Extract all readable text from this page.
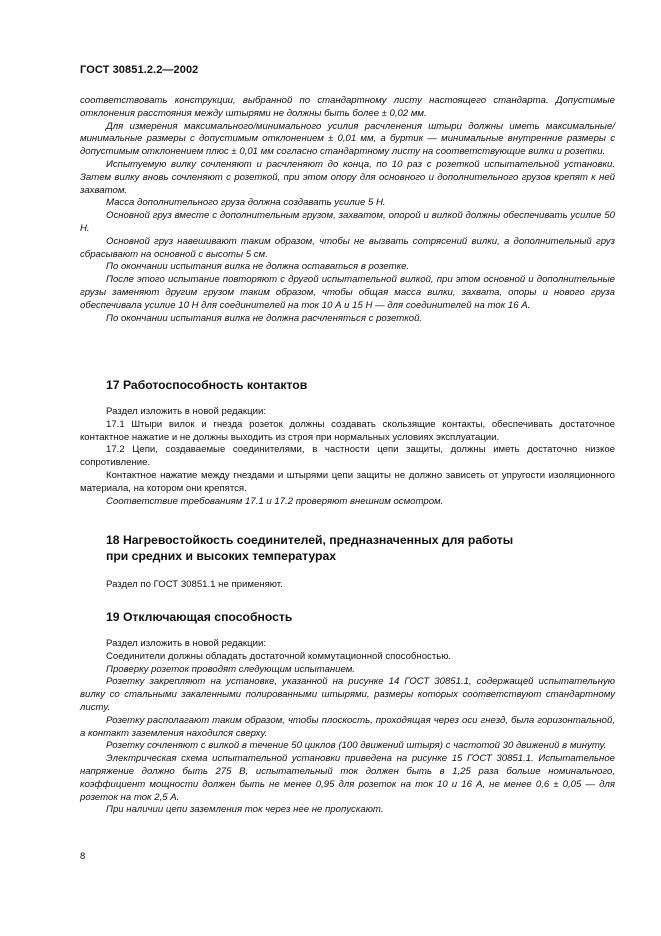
ГОСТ 30851.2.2—2002

соответствовать конструкции, выбранной по стандартному листу настоящего стандарта. Допустимые отклонения расстояния между штырями не должны быть более ± 0,02 мм.

Для измерения максимального/минимального усилия расчленения штыри должны иметь максимальные/минимальные размеры с допустимым отклонением ± 0,01 мм, а буртик — минимальные внутренние размеры с допустимым отклонением плюс ± 0,01 мм согласно стандартному листу на соответствующие вилки и розетки.

Испытуемую вилку сочленяют и расчленяют до конца, по 10 раз с розеткой испытательной установки. Затем вилку вновь сочленяют с розеткой, при этом опору для основного и дополнительного грузов крепят к ней захватом.

Масса дополнительного груза должна создавать усилие 5 Н.

Основной груз вместе с дополнительным грузом, захватом, опорой и вилкой должны обеспечивать усилие 50 Н.

Основной груз навешивают таким образом, чтобы не вызвать сотрясений вилки, а дополнительный груз сбрасывают на основной с высоты 5 см.

По окончании испытания вилка не должна оставаться в розетке.

После этого испытание повторяют с другой испытательной вилкой, при этом основной и дополнительные грузы заменяют другим грузом таким образом, чтобы общая масса вилки, захвата, опоры и нового груза обеспечивала усилие 10 Н для соединителей на ток 10 А и 15 Н — для соединителей на ток 16 А.

По окончании испытания вилка не должна расчленяться с розеткой.

17 Работоспособность контактов

Раздел изложить в новой редакции:

17.1 Штыри вилок и гнезда розеток должны создавать скользящие контакты, обеспечивать достаточное контактное нажатие и не должны выходить из строя при нормальных условиях эксплуатации.

17.2 Цепи, создаваемые соединителями, в частности цепи защиты, должны иметь достаточно низкое сопротивление.

Контактное нажатие между гнездами и штырями цепи защиты не должно зависеть от упругости изоляционного материала, на котором они крепятся.

Соответствие требованиям 17.1 и 17.2 проверяют внешним осмотром.

18 Нагревостойкость соединителей, предназначенных для работы
при средних и высоких температурах

Раздел по ГОСТ 30851.1 не применяют.

19 Отключающая способность

Раздел изложить в новой редакции:

Соединители должны обладать достаточной коммутационной способностью.

Проверку розеток проводят следующим испытанием.

Розетку закрепляют на установке, указанной на рисунке 14 ГОСТ 30851.1, содержащей испытательную вилку со стальными закаленными полированными штырями, размеры которых соответствуют стандартному листу.

Розетку располагают таким образом, чтобы плоскость, проходящая через оси гнезд, была горизонтальной, а контакт заземления находился сверху.

Розетку сочленяют с вилкой в течение 50 циклов (100 движений штыря) с частотой 30 движений в минуту.

Электрическая схема испытательной установки приведена на рисунке 15 ГОСТ 30851.1. Испытательное напряжение должно быть 275 В, испытательный ток должен быть в 1,25 раза больше номинального, коэффициент мощности должен быть не менее 0,95 для розеток на ток 10 и 16 А, не менее 0,6 ± 0,05 — для розеток на ток 2,5 А.

При наличии цепи заземления ток через нее не пропускают.

8
